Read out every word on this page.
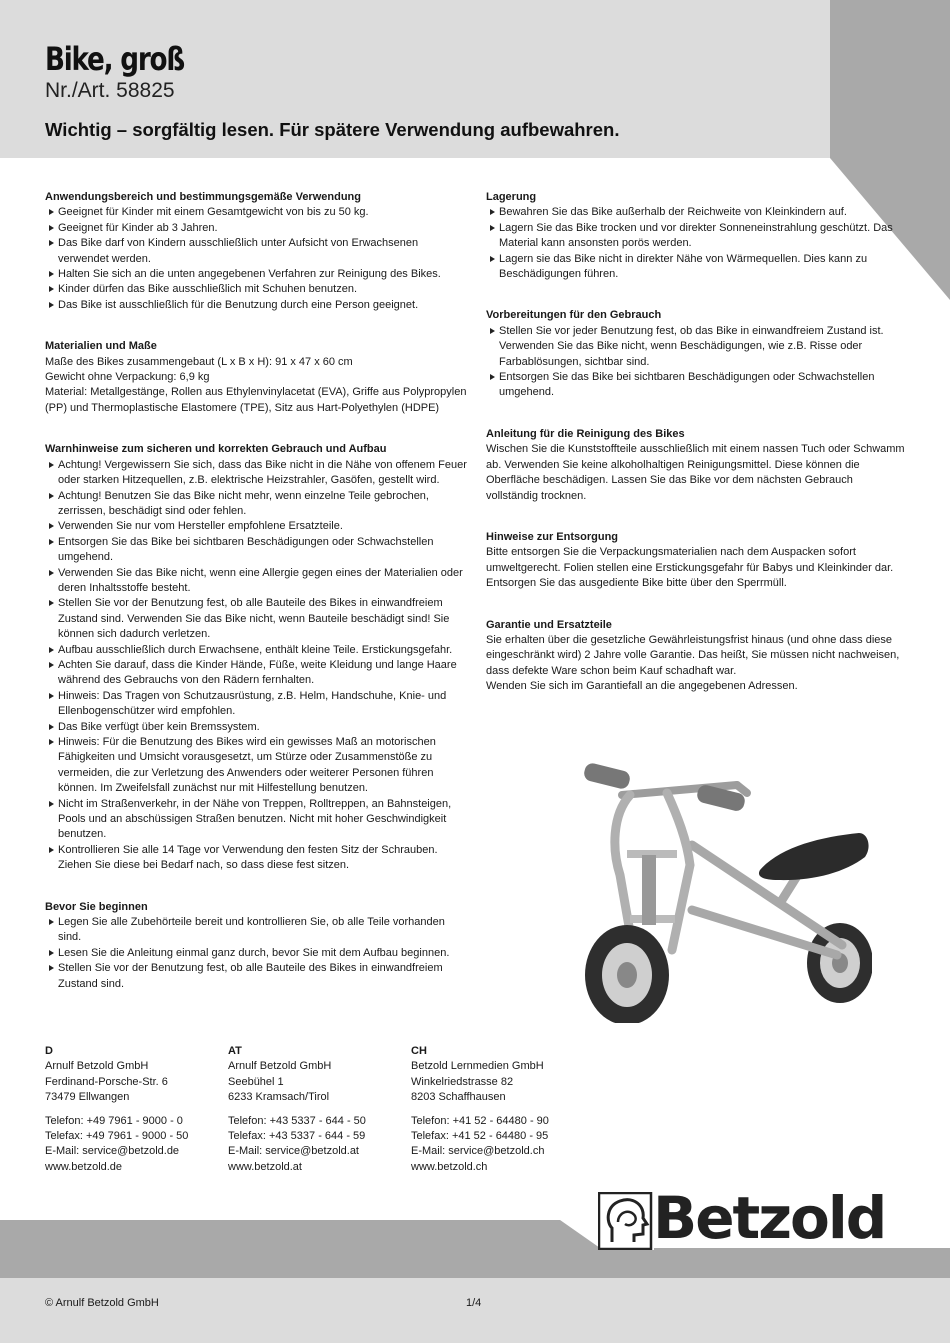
Bike, groß
Nr./Art. 58825
Wichtig – sorgfältig lesen. Für spätere Verwendung aufbewahren.
Anwendungsbereich und bestimmungsgemäße Verwendung
Geeignet für Kinder mit einem Gesamtgewicht von bis zu 50 kg.
Geeignet für Kinder ab 3 Jahren.
Das Bike darf von Kindern ausschließlich unter Aufsicht von Erwachsenen verwendet werden.
Halten Sie sich an die unten angegebenen Verfahren zur Reinigung des Bikes.
Kinder dürfen das Bike ausschließlich mit Schuhen benutzen.
Das Bike ist ausschließlich für die Benutzung durch eine Person geeignet.
Materialien und Maße

Maße des Bikes zusammengebaut (L x B x H): 91 x 47 x 60 cm

Gewicht ohne Verpackung: 6,9 kg

Material: Metallgestänge, Rollen aus Ethylenvinylacetat (EVA), Griffe aus Polypropylen (PP) und Thermoplastische Elastomere (TPE), Sitz aus Hart-Polyethylen (HDPE)

Warnhinweise zum sicheren und korrekten Gebrauch und Aufbau
Achtung! Vergewissern Sie sich, dass das Bike nicht in die Nähe von offenem Feuer oder starken Hitzequellen, z.B. elektrische Heizstrahler, Gasöfen, gestellt wird.
Achtung! Benutzen Sie das Bike nicht mehr, wenn einzelne Teile gebrochen, zerrissen, beschädigt sind oder fehlen.
Verwenden Sie nur vom Hersteller empfohlene Ersatzteile.
Entsorgen Sie das Bike bei sichtbaren Beschädigungen oder Schwachstellen umgehend.
Verwenden Sie das Bike nicht, wenn eine Allergie gegen eines der Materialien oder deren Inhaltsstoffe besteht.
Stellen Sie vor der Benutzung fest, ob alle Bauteile des Bikes in einwandfreiem Zustand sind. Verwenden Sie das Bike nicht, wenn Bauteile beschädigt sind! Sie können sich dadurch verletzen.
Aufbau ausschließlich durch Erwachsene, enthält kleine Teile. Erstickungsgefahr.
Achten Sie darauf, dass die Kinder Hände, Füße, weite Kleidung und lange Haare während des Gebrauchs von den Rädern fernhalten.
Hinweis: Das Tragen von Schutzausrüstung, z.B. Helm, Handschuhe, Knie- und Ellenbogenschützer wird empfohlen.
Das Bike verfügt über kein Bremssystem.
Hinweis: Für die Benutzung des Bikes wird ein gewisses Maß an motorischen Fähigkeiten und Umsicht vorausgesetzt, um Stürze oder Zusammenstöße zu vermeiden, die zur Verletzung des Anwenders oder weiterer Personen führen können. Im Zweifelsfall zunächst nur mit Hilfestellung benutzen.
Nicht im Straßenverkehr, in der Nähe von Treppen, Rolltreppen, an Bahnsteigen, Pools und an abschüssigen Straßen benutzen. Nicht mit hoher Geschwindigkeit benutzen.
Kontrollieren Sie alle 14 Tage vor Verwendung den festen Sitz der Schrauben. Ziehen Sie diese bei Bedarf nach, so dass diese fest sitzen.
Bevor Sie beginnen
Legen Sie alle Zubehörteile bereit und kontrollieren Sie, ob alle Teile vorhanden sind.
Lesen Sie die Anleitung einmal ganz durch, bevor Sie mit dem Aufbau beginnen.
Stellen Sie vor der Benutzung fest, ob alle Bauteile des Bikes in einwandfreiem Zustand sind.
Lagerung
Bewahren Sie das Bike außerhalb der Reichweite von Kleinkindern auf.
Lagern Sie das Bike trocken und vor direkter Sonneneinstrahlung geschützt. Das Material kann ansonsten porös werden.
Lagern sie das Bike nicht in direkter Nähe von Wärmequellen. Dies kann zu Beschädigungen führen.
Vorbereitungen für den Gebrauch
Stellen Sie vor jeder Benutzung fest, ob das Bike in einwandfreiem Zustand ist. Verwenden Sie das Bike nicht, wenn Beschädigungen, wie z.B. Risse oder Farbablösungen, sichtbar sind.
Entsorgen Sie das Bike bei sichtbaren Beschädigungen oder Schwachstellen umgehend.
Anleitung für die Reinigung des Bikes

Wischen Sie die Kunststoffteile ausschließlich mit einem nassen Tuch oder Schwamm ab. Verwenden Sie keine alkoholhaltigen Reinigungsmittel. Diese können die Oberfläche beschädigen. Lassen Sie das Bike vor dem nächsten Gebrauch vollständig trocknen.

Hinweise zur Entsorgung

Bitte entsorgen Sie die Verpackungsmaterialien nach dem Auspacken sofort umweltgerecht. Folien stellen eine Erstickungsgefahr für Babys und Kleinkinder dar.

Entsorgen Sie das ausgediente Bike bitte über den Sperrmüll.

Garantie und Ersatzteile

Sie erhalten über die gesetzliche Gewährleistungsfrist hinaus (und ohne dass diese eingeschränkt wird) 2 Jahre volle Garantie. Das heißt, Sie müssen nicht nachweisen, dass defekte Ware schon beim Kauf schadhaft war.

Wenden Sie sich im Garantiefall an die angegebenen Adressen.

D
Arnulf Betzold GmbH
Ferdinand-Porsche-Str. 6
73479 Ellwangen
Telefon: +49 7961 - 9000 - 0
Telefax: +49 7961 - 9000 - 50
E-Mail: service@betzold.de
www.betzold.de
AT
Arnulf Betzold GmbH
Seebühel 1
6233 Kramsach/Tirol
Telefon: +43 5337 - 644 - 50
Telefax: +43 5337 - 644 - 59
E-Mail: service@betzold.at
www.betzold.at
CH
Betzold Lernmedien GmbH
Winkelriedstrasse 82
8203 Schaffhausen
Telefon: +41 52 - 64480 - 90
Telefax: +41 52 - 64480 - 95
E-Mail: service@betzold.ch
www.betzold.ch
Betzold
© Arnulf Betzold GmbH	1/4
